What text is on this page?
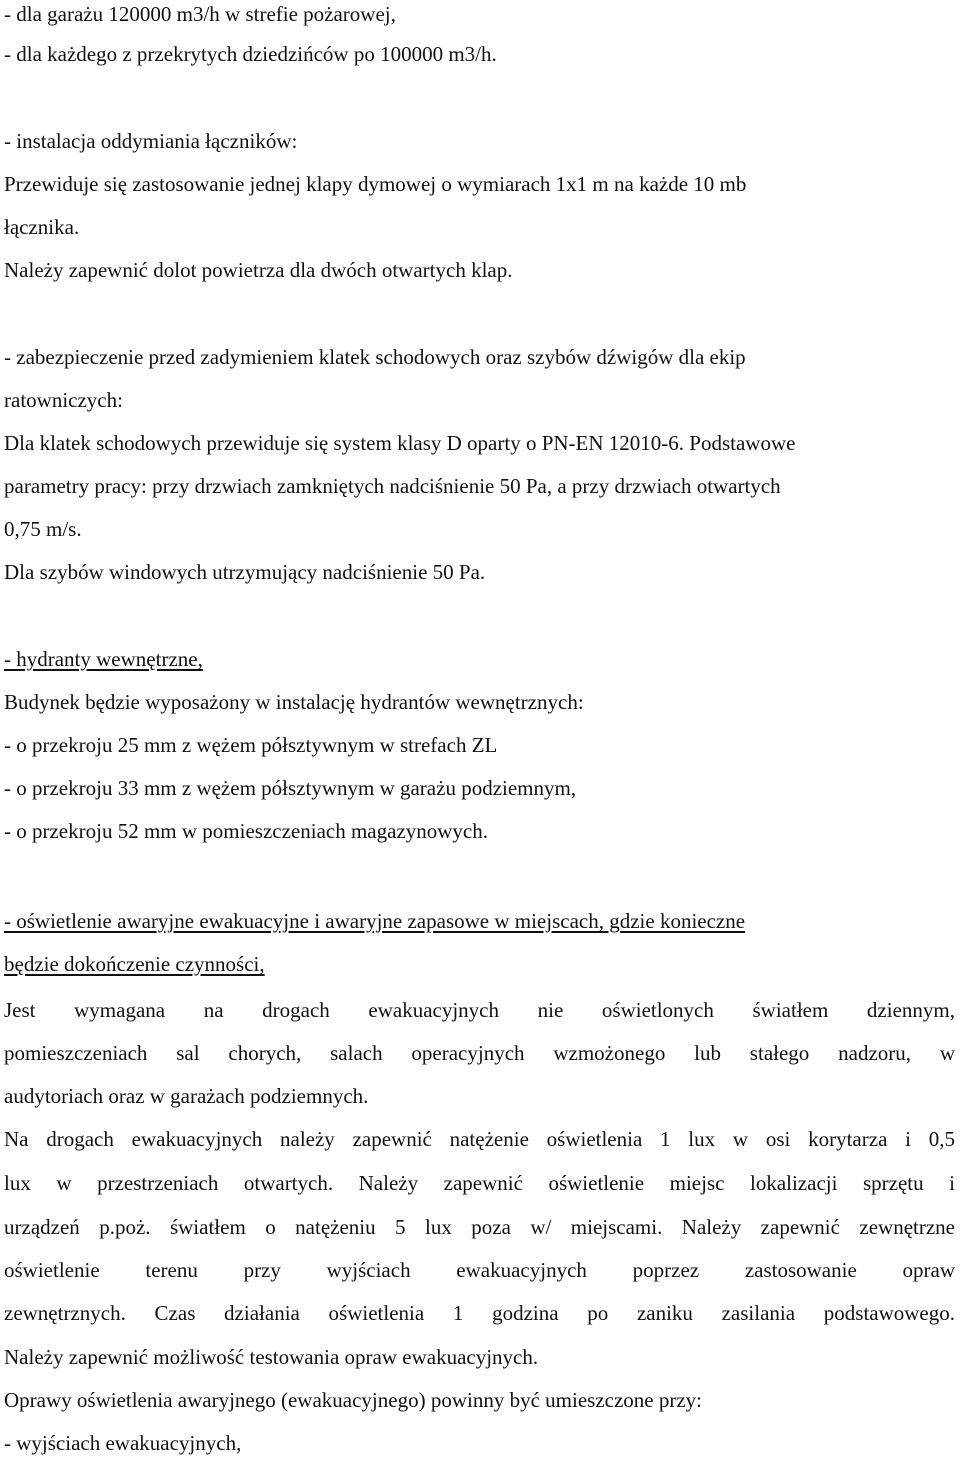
- dla garażu 120000 m3/h w strefie pożarowej,
- dla każdego z przekrytych dziedzińców po 100000 m3/h.
- instalacja oddymiania łączników:
Przewiduje się zastosowanie jednej klapy dymowej o wymiarach 1x1 m na każde 10 mb
łącznika.
Należy zapewnić dolot powietrza dla dwóch otwartych klap.
- zabezpieczenie przed zadymieniem klatek schodowych oraz szybów dźwigów dla ekip
ratowniczych:
Dla klatek schodowych przewiduje się system klasy D oparty o PN-EN 12010-6. Podstawowe
parametry pracy: przy drzwiach zamkniętych nadciśnienie 50 Pa, a przy drzwiach otwartych
0,75 m/s.
Dla szybów windowych utrzymujący nadciśnienie 50 Pa.
- hydranty wewnętrzne,
Budynek będzie wyposażony w instalację hydrantów wewnętrznych:
- o przekroju 25 mm z wężem półsztywnym w strefach ZL
- o przekroju 33 mm z wężem półsztywnym w garażu podziemnym,
- o przekroju 52 mm w pomieszczeniach magazynowych.
- oświetlenie awaryjne ewakuacyjne i awaryjne zapasowe w miejscach, gdzie konieczne
będzie dokończenie czynności,
Jest wymagana na drogach ewakuacyjnych nie oświetlonych światłem dziennym,
pomieszczeniach sal chorych, salach operacyjnych wzmożonego lub stałego nadzoru, w
audytoriach oraz w garażach podziemnych.
Na drogach ewakuacyjnych należy zapewnić natężenie oświetlenia 1 lux w osi korytarza i 0,5
lux w przestrzeniach otwartych. Należy zapewnić oświetlenie miejsc lokalizacji sprzętu i
urządzeń p.poż. światłem o natężeniu 5 lux poza w/ miejscami. Należy zapewnić zewnętrzne
oświetlenie terenu przy wyjściach ewakuacyjnych poprzez zastosowanie opraw
zewnętrznych. Czas działania oświetlenia 1 godzina po zaniku zasilania podstawowego.
Należy zapewnić możliwość testowania opraw ewakuacyjnych.
Oprawy oświetlenia awaryjnego (ewakuacyjnego) powinny być umieszczone przy:
- wyjściach ewakuacyjnych,
